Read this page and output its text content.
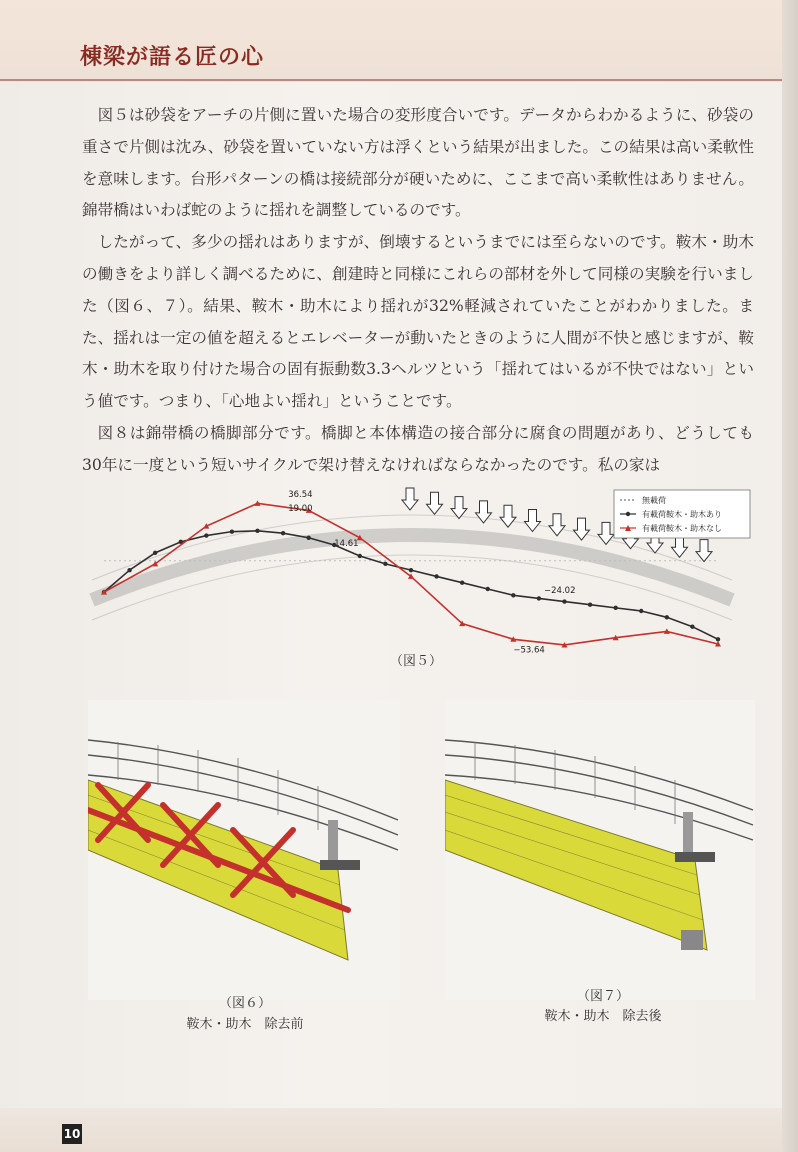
棟梁が語る匠の心

図５は砂袋をアーチの片側に置いた場合の変形度合いです。データからわかるように、砂袋の重さで片側は沈み、砂袋を置いていない方は浮くという結果が出ました。この結果は高い柔軟性を意味します。台形パターンの橋は接続部分が硬いために、ここまで高い柔軟性はありません。錦帯橋はいわば蛇のように揺れを調整しているのです。

したがって、多少の揺れはありますが、倒壊するというまでには至らないのです。鞍木・助木の働きをより詳しく調べるために、創建時と同様にこれらの部材を外して同様の実験を行いました（図６、７）。結果、鞍木・助木により揺れが32%軽減されていたことがわかりました。また、揺れは一定の値を超えるとエレベーターが動いたときのように人間が不快と感じますが、鞍木・助木を取り付けた場合の固有振動数3.3ヘルツという「揺れてはいるが不快ではない」という値です。つまり、「心地よい揺れ」ということです。

図８は錦帯橋の橋脚部分です。橋脚と本体構造の接合部分に腐食の問題があり、どうしても30年に一度という短いサイクルで架け替えなければならなかったのです。私の家は

36.54
19.00
14.61
−24.02
−53.64
無載荷
有載荷鞍木・助木あり
有載荷鞍木・助木なし
（図５）
（図６）
鞍木・助木　除去前
（図７）
鞍木・助木　除去後
10
